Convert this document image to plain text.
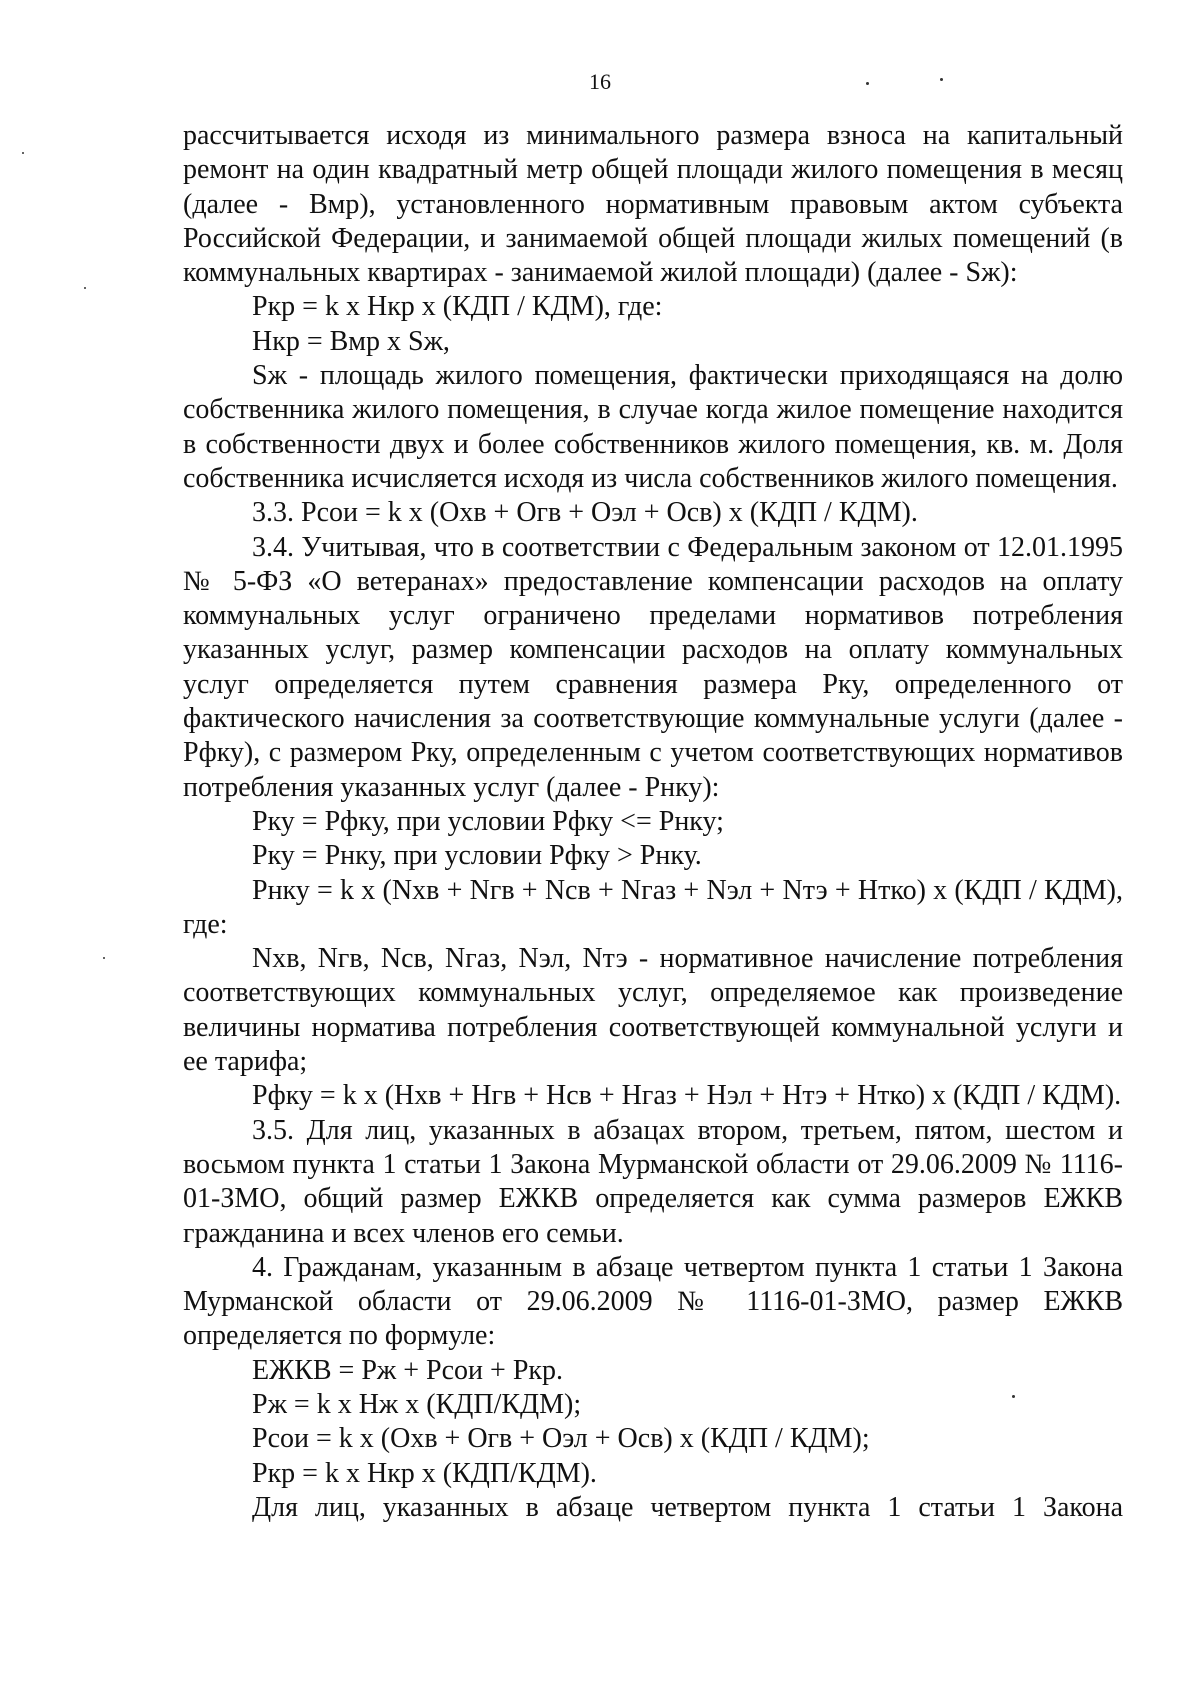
16

рассчитывается исходя из минимального размера взноса на капитальный ремонт на один квадратный метр общей площади жилого помещения в месяц (далее - Вмр), установленного нормативным правовым актом субъекта Российской Федерации, и занимаемой общей площади жилых помещений (в коммунальных квартирах - занимаемой жилой площади) (далее - Sж):

Ркр = k х Нкр х (КДП / КДМ), где:

Нкр = Вмр х Sж,

Sж - площадь жилого помещения, фактически приходящаяся на долю собственника жилого помещения, в случае когда жилое помещение находится в собственности двух и более собственников жилого помещения, кв. м. Доля собственника исчисляется исходя из числа собственников жилого помещения.

3.3. Рсои = k х (Охв + Огв + Оэл + Осв) х (КДП / КДМ).

3.4. Учитывая, что в соответствии с Федеральным законом от 12.01.1995 № 5-ФЗ «О ветеранах» предоставление компенсации расходов на оплату коммунальных услуг ограничено пределами нормативов потребления указанных услуг, размер компенсации расходов на оплату коммунальных услуг определяется путем сравнения размера Рку, определенного от фактического начисления за соответствующие коммунальные услуги (далее - Рфку), с размером Рку, определенным с учетом соответствующих нормативов потребления указанных услуг (далее - Рнку):

Рку = Рфку, при условии Рфку <= Рнку;

Рку = Рнку, при условии Рфку > Рнку.

Рнку = k х (Nхв + Nгв + Nсв + Nгаз + Nэл + Nтэ + Нтко) х (КДП / КДМ), где:

Nхв, Nгв, Nсв, Nгаз, Nэл, Nтэ - нормативное начисление потребления соответствующих коммунальных услуг, определяемое как произведение величины норматива потребления соответствующей коммунальной услуги и ее тарифа;

Рфку = k х (Нхв + Нгв + Нсв + Нгаз + Нэл + Нтэ + Нтко) х (КДП / КДМ).

3.5. Для лиц, указанных в абзацах втором, третьем, пятом, шестом и восьмом пункта 1 статьи 1 Закона Мурманской области от 29.06.2009 № 1116-01-ЗМО, общий размер ЕЖКВ определяется как сумма размеров ЕЖКВ гражданина и всех членов его семьи.

4. Гражданам, указанным в абзаце четвертом пункта 1 статьи 1 Закона Мурманской области от 29.06.2009 № 1116-01-ЗМО, размер ЕЖКВ определяется по формуле:

ЕЖКВ = Рж + Рсои + Ркр.

Рж = k х Нж х (КДП/КДМ);

Рсои = k х (Охв + Огв + Оэл + Осв) х (КДП / КДМ);

Ркр = k х Нкр х (КДП/КДМ).

Для лиц, указанных в абзаце четвертом пункта 1 статьи 1 Закона
